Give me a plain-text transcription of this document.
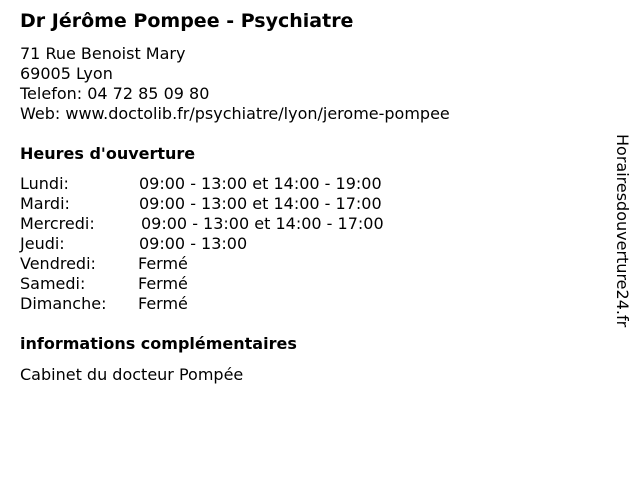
Dr Jérôme Pompee - Psychiatre
71 Rue Benoist Mary
69005 Lyon
Telefon: 04 72 85 09 80
Web: www.doctolib.fr/psychiatre/lyon/jerome-pompee
Heures d'ouverture
Lundi:	09:00 - 13:00 et 14:00 - 19:00
Mardi:	09:00 - 13:00 et 14:00 - 17:00
Mercredi:	09:00 - 13:00 et 14:00 - 17:00
Jeudi:	09:00 - 13:00
Vendredi:	Fermé
Samedi:	Fermé
Dimanche: Fermé
informations complémentaires
Cabinet du docteur Pompée
Horairesdouverture24.fr
